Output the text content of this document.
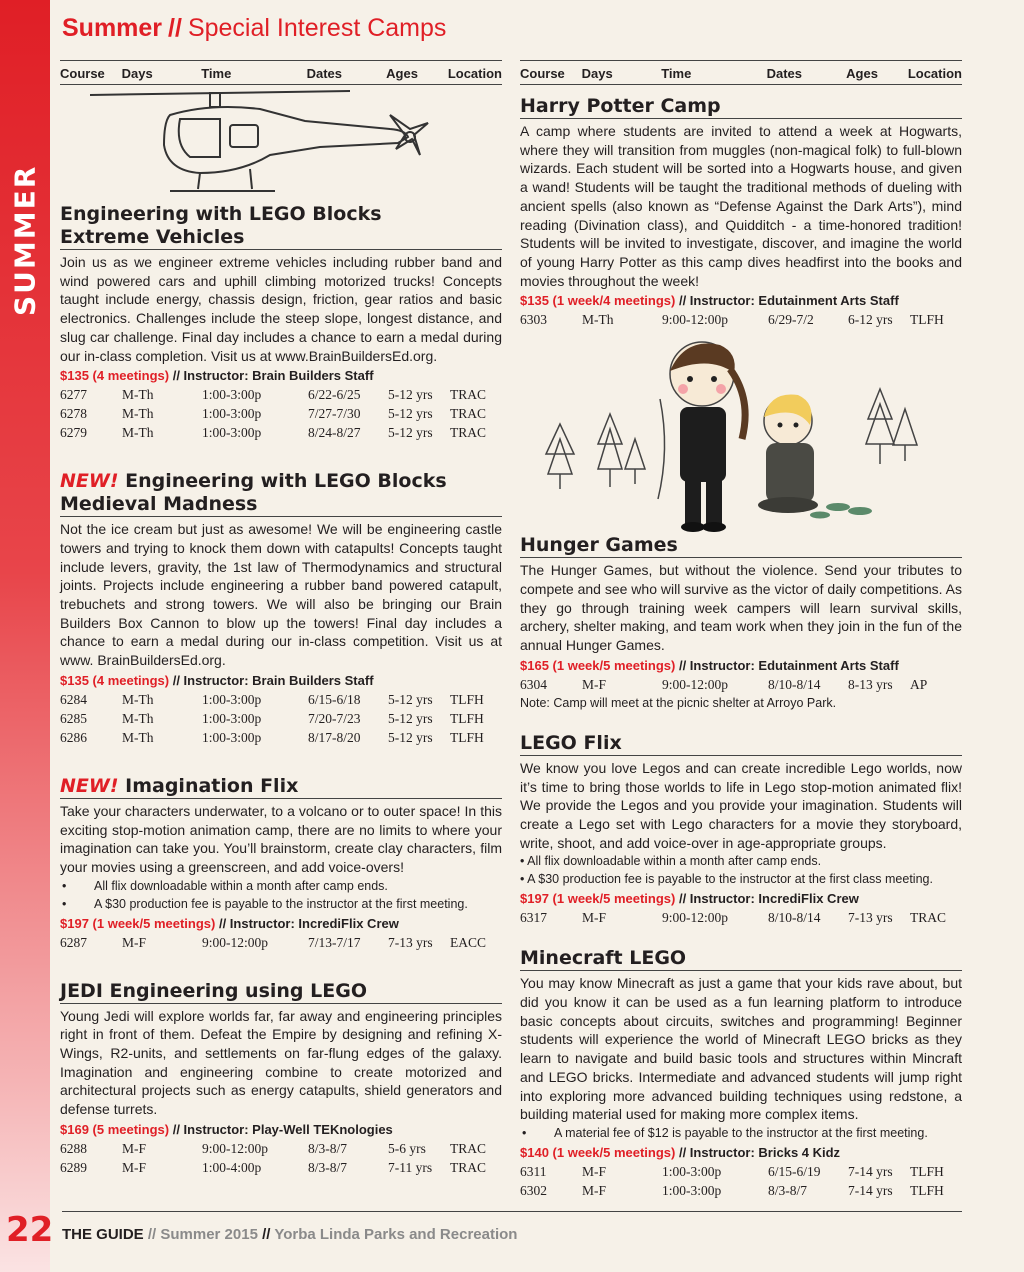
SUMMER
22
Summer // Special Interest Camps
Course	Days	Time	Dates	Ages	Location
Engineering with LEGO Blocks
Extreme Vehicles

Join us as we engineer extreme vehicles including rubber band and wind powered cars and uphill climbing motorized trucks! Concepts taught include energy, chassis design, friction, gear ratios and basic electronics. Challenges include the steep slope, longest distance, and slug car challenge. Final day includes a chance to earn a medal during our in-class completion. Visit us at www.BrainBuildersEd.org.

$135 (4 meetings) // Instructor: Brain Builders Staff
6277	M-Th	1:00-3:00p	6/22-6/25	5-12 yrs	TRAC
6278	M-Th	1:00-3:00p	7/27-7/30	5-12 yrs	TRAC
6279	M-Th	1:00-3:00p	8/24-8/27	5-12 yrs	TRAC
NEW! Engineering with LEGO Blocks
Medieval Madness

Not the ice cream but just as awesome! We will be engineering castle towers and trying to knock them down with catapults! Concepts taught include levers, gravity, the 1st law of Thermodynamics and structural joints. Projects include engineering a rubber band powered catapult, trebuchets and strong towers. We will also be bringing our Brain Builders Box Cannon to blow up the towers! Final day includes a chance to earn a medal during our in-class competition. Visit us at www. BrainBuildersEd.org.

$135 (4 meetings) // Instructor: Brain Builders Staff
6284	M-Th	1:00-3:00p	6/15-6/18	5-12 yrs	TLFH
6285	M-Th	1:00-3:00p	7/20-7/23	5-12 yrs	TLFH
6286	M-Th	1:00-3:00p	8/17-8/20	5-12 yrs	TLFH
NEW! Imagination Flix

Take your characters underwater, to a volcano or to outer space! In this exciting stop-motion animation camp, there are no limits to where your imagination can take you. You’ll brainstorm, create clay characters, film your movies using a greenscreen, and add voice-overs!

• All flix downloadable within a month after camp ends.
• A $30 production fee is payable to the instructor at the first meeting.
$197 (1 week/5 meetings) // Instructor: IncrediFlix Crew
6287	M-F	9:00-12:00p	7/13-7/17	7-13 yrs	EACC
JEDI Engineering using LEGO

Young Jedi will explore worlds far, far away and engineering principles right in front of them. Defeat the Empire by designing and refining X-Wings, R2-units, and settlements on far-flung edges of the galaxy. Imagination and engineering combine to create motorized and architectural projects such as energy catapults, shield generators and defense turrets.

$169 (5 meetings) // Instructor: Play-Well TEKnologies
6288	M-F	9:00-12:00p	8/3-8/7	5-6 yrs	TRAC
6289	M-F	1:00-4:00p	8/3-8/7	7-11 yrs	TRAC
Course	Days	Time	Dates	Ages	Location
Harry Potter Camp

A camp where students are invited to attend a week at Hogwarts, where they will transition from muggles (non-magical folk) to full-blown wizards. Each student will be sorted into a Hogwarts house, and given a wand! Students will be taught the traditional methods of dueling with ancient spells (also known as “Defense Against the Dark Arts”), mind reading (Divination class), and Quidditch - a time-honored tradition! Students will be invited to investigate, discover, and imagine the world of young Harry Potter as this camp dives headfirst into the books and movies throughout the week!

$135 (1 week/4 meetings) // Instructor: Edutainment Arts Staff
6303	M-Th	9:00-12:00p	6/29-7/2	6-12 yrs	TLFH
Hunger Games

The Hunger Games, but without the violence. Send your tributes to compete and see who will survive as the victor of daily competitions. As they go through training week campers will learn survival skills, archery, shelter making, and team work when they join in the fun of the annual Hunger Games.

$165 (1 week/5 meetings) // Instructor: Edutainment Arts Staff
6304	M-F	9:00-12:00p	8/10-8/14	8-13 yrs	AP
Note: Camp will meet at the picnic shelter at Arroyo Park.
LEGO Flix

We know you love Legos and can create incredible Lego worlds, now it’s time to bring those worlds to life in Lego stop-motion animated flix! We provide the Legos and you provide your imagination. Students will create a Lego set with Lego characters for a movie they storyboard, write, shoot, and add voice-over in age-appropriate groups.

• All flix downloadable within a month after camp ends.
• A $30 production fee is payable to the instructor at the first class meeting.
$197 (1 week/5 meetings) // Instructor: IncrediFlix Crew
6317	M-F	9:00-12:00p	8/10-8/14	7-13 yrs	TRAC
Minecraft LEGO

You may know Minecraft as just a game that your kids rave about, but did you know it can be used as a fun learning platform to introduce basic concepts about circuits, switches and programming! Beginner students will experience the world of Minecraft LEGO bricks as they learn to navigate and build basic tools and structures within Mincraft and LEGO bricks. Intermediate and advanced students will jump right into exploring more advanced building techniques using redstone, a building material used for making more complex items.

• A material fee of $12 is payable to the instructor at the first meeting.
$140 (1 week/5 meetings) // Instructor: Bricks 4 Kidz
6311	M-F	1:00-3:00p	6/15-6/19	7-14 yrs	TLFH
6302	M-F	1:00-3:00p	8/3-8/7	7-14 yrs	TLFH
THE GUIDE // Summer 2015 // Yorba Linda Parks and Recreation
